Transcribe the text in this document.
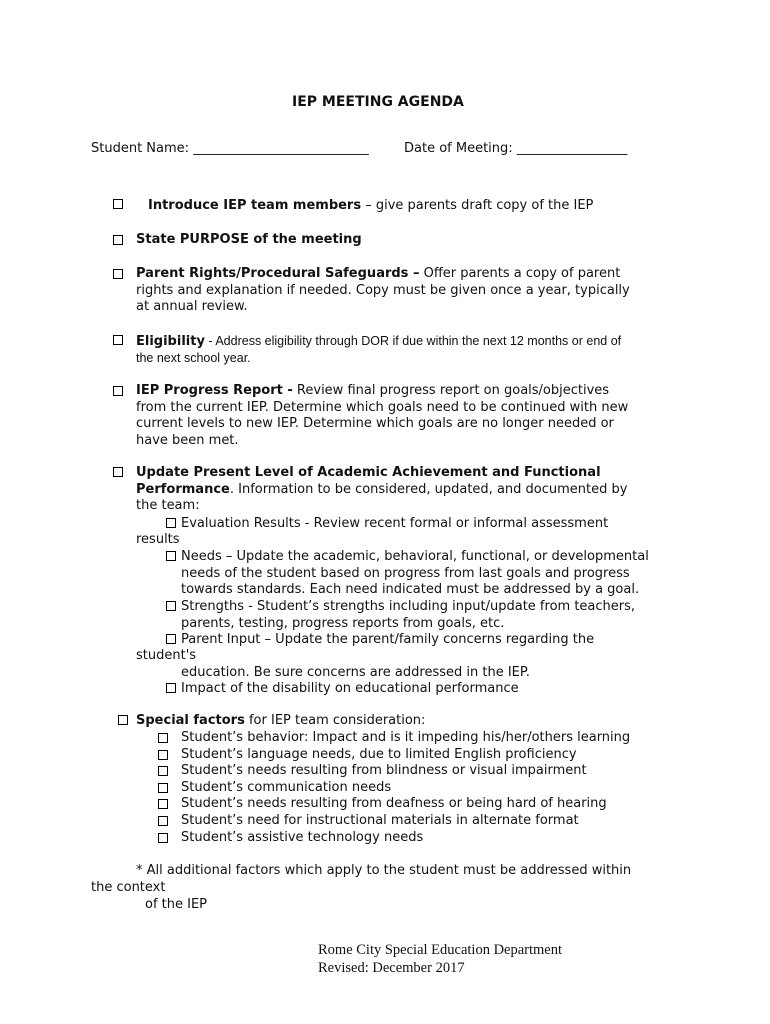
IEP MEETING AGENDA
Student Name: ___________________________	Date of Meeting: _________________
Introduce IEP team members – give parents draft copy of the IEP
State PURPOSE of the meeting
Parent Rights/Procedural Safeguards – Offer parents a copy of parent
rights and explanation if needed. Copy must be given once a year, typically
at annual review.
Eligibility - Address eligibility through DOR if due within the next 12 months or end of
the next school year.
IEP Progress Report - Review final progress report on goals/objectives
from the current IEP. Determine which goals need to be continued with new
current levels to new IEP. Determine which goals are no longer needed or
have been met.
Update Present Level of Academic Achievement and Functional
Performance. Information to be considered, updated, and documented by
the team:
Evaluation Results - Review recent formal or informal assessment
results
Needs – Update the academic, behavioral, functional, or developmental
needs of the student based on progress from last goals and progress
towards standards. Each need indicated must be addressed by a goal.
Strengths - Student’s strengths including input/update from teachers,
parents, testing, progress reports from goals, etc.
Parent Input – Update the parent/family concerns regarding the
student's
education. Be sure concerns are addressed in the IEP.
Impact of the disability on educational performance
Special factors for IEP team consideration:
Student’s behavior: Impact and is it impeding his/her/others learning
Student’s language needs, due to limited English proficiency
Student’s needs resulting from blindness or visual impairment
Student’s communication needs
Student’s needs resulting from deafness or being hard of hearing
Student’s need for instructional materials in alternate format
Student’s assistive technology needs
* All additional factors which apply to the student must be addressed within
the context
of the IEP
Rome City Special Education Department
Revised: December 2017
